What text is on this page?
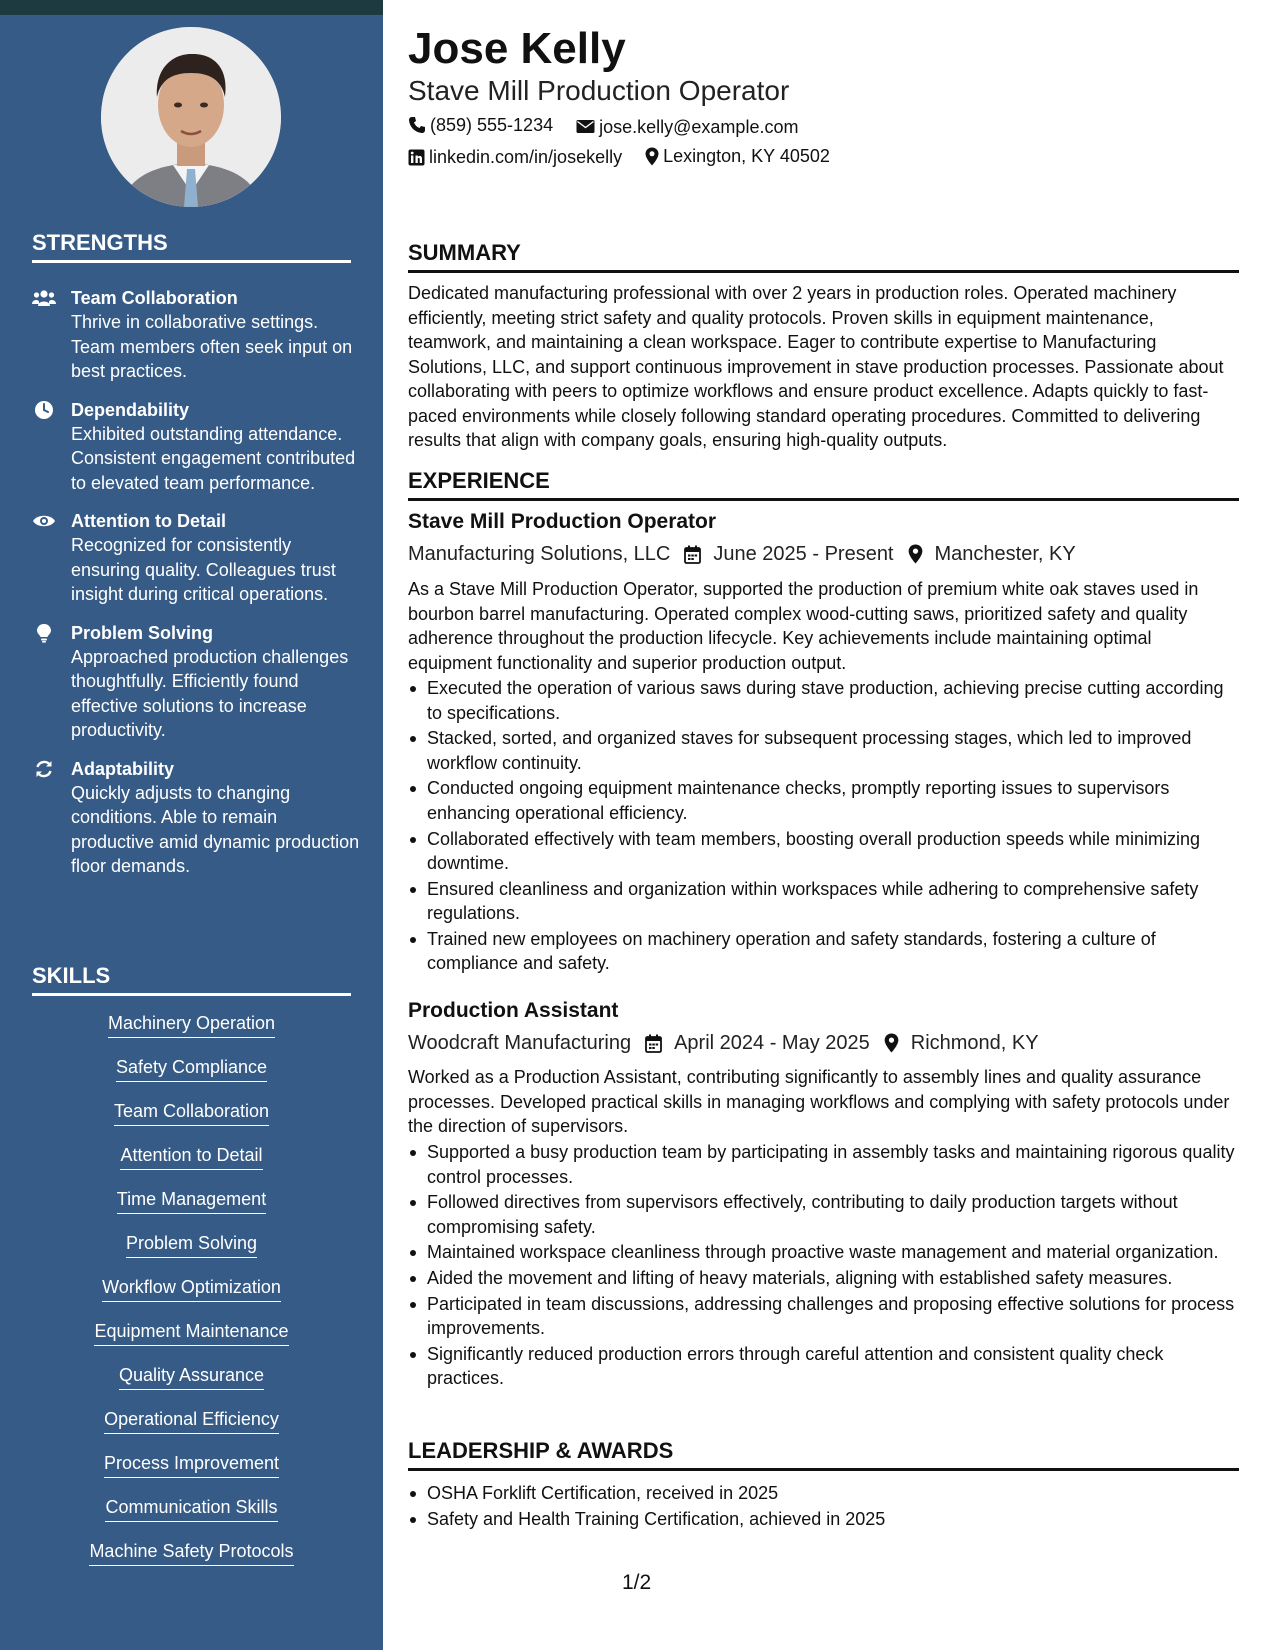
STRENGTHS
Team Collaboration
Thrive in collaborative settings. Team members often seek input on best practices.
Dependability
Exhibited outstanding attendance. Consistent engagement contributed to elevated team performance.
Attention to Detail
Recognized for consistently ensuring quality. Colleagues trust insight during critical operations.
Problem Solving
Approached production challenges thoughtfully. Efficiently found effective solutions to increase productivity.
Adaptability
Quickly adjusts to changing conditions. Able to remain productive amid dynamic production floor demands.
SKILLS
Machinery Operation
Safety Compliance
Team Collaboration
Attention to Detail
Time Management
Problem Solving
Workflow Optimization
Equipment Maintenance
Quality Assurance
Operational Efficiency
Process Improvement
Communication Skills
Machine Safety Protocols
Jose Kelly
Stave Mill Production Operator
(859) 555-1234
	jose.kelly@example.com
linkedin.com/in/josekelly
Lexington, KY 40502
SUMMARY
Dedicated manufacturing professional with over 2 years in production roles. Operated machinery efficiently, meeting strict safety and quality protocols. Proven skills in equipment maintenance, teamwork, and maintaining a clean workspace. Eager to contribute expertise to Manufacturing Solutions, LLC, and support continuous improvement in stave production processes. Passionate about collaborating with peers to optimize workflows and ensure product excellence. Adapts quickly to fast-paced environments while closely following standard operating procedures. Committed to delivering results that align with company goals, ensuring high-quality outputs.
EXPERIENCE
Stave Mill Production Operator
Manufacturing Solutions, LLC June 2025 - Present Manchester, KY
As a Stave Mill Production Operator, supported the production of premium white oak staves used in bourbon barrel manufacturing. Operated complex wood-cutting saws, prioritized safety and quality adherence throughout the production lifecycle. Key achievements include maintaining optimal equipment functionality and superior production output.
Executed the operation of various saws during stave production, achieving precise cutting according to specifications.
Stacked, sorted, and organized staves for subsequent processing stages, which led to improved workflow continuity.
Conducted ongoing equipment maintenance checks, promptly reporting issues to supervisors enhancing operational efficiency.
Collaborated effectively with team members, boosting overall production speeds while minimizing downtime.
Ensured cleanliness and organization within workspaces while adhering to comprehensive safety regulations.
Trained new employees on machinery operation and safety standards, fostering a culture of compliance and safety.
Production Assistant
Woodcraft Manufacturing April 2024 - May 2025 Richmond, KY
Worked as a Production Assistant, contributing significantly to assembly lines and quality assurance processes. Developed practical skills in managing workflows and complying with safety protocols under the direction of supervisors.
Supported a busy production team by participating in assembly tasks and maintaining rigorous quality control processes.
Followed directives from supervisors effectively, contributing to daily production targets without compromising safety.
Maintained workspace cleanliness through proactive waste management and material organization.
Aided the movement and lifting of heavy materials, aligning with established safety measures.
Participated in team discussions, addressing challenges and proposing effective solutions for process improvements.
Significantly reduced production errors through careful attention and consistent quality check practices.
LEADERSHIP & AWARDS
OSHA Forklift Certification, received in 2025
Safety and Health Training Certification, achieved in 2025
1/2
